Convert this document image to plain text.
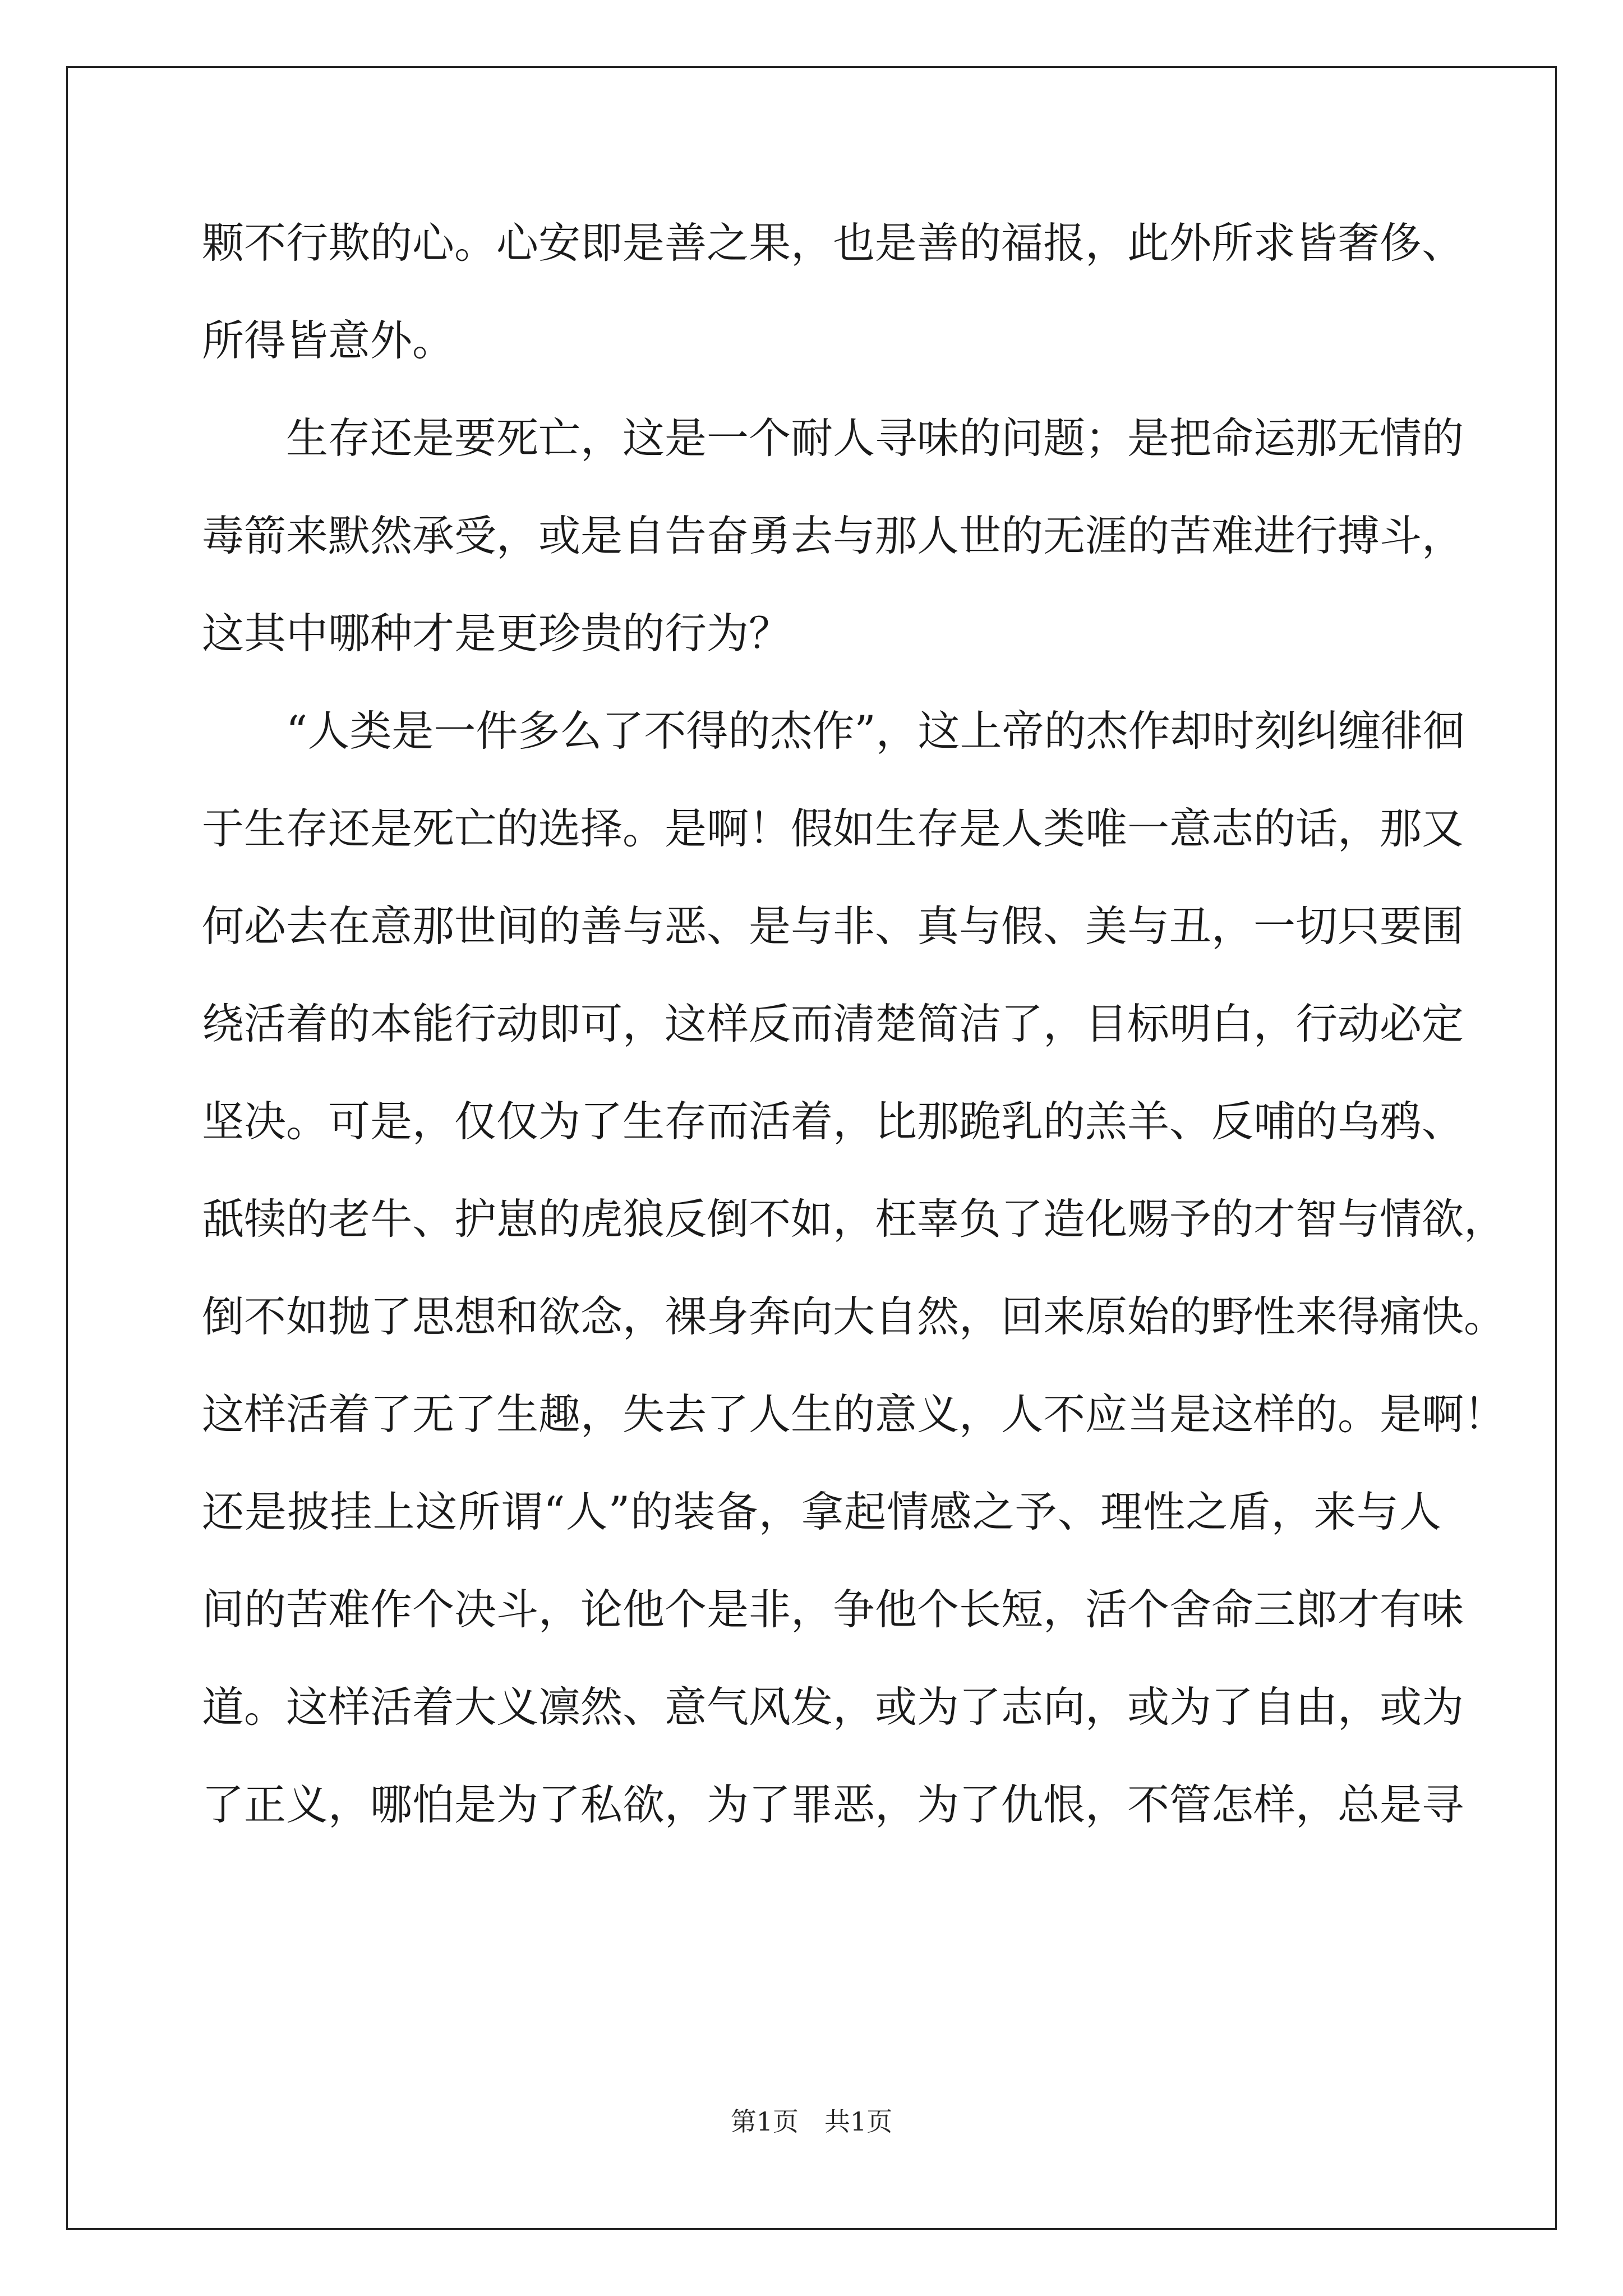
颗不行欺的心。心安即是善之果，也是善的福报，此外所求皆奢侈、
所得皆意外。
生存还是要死亡，这是一个耐人寻味的问题；是把命运那无情的
毒箭来默然承受，或是自告奋勇去与那人世的无涯的苦难进行搏斗，
这其中哪种才是更珍贵的行为？
“人类是一件多么了不得的杰作”，这上帝的杰作却时刻纠缠徘徊
于生存还是死亡的选择。是啊！假如生存是人类唯一意志的话，那又
何必去在意那世间的善与恶、是与非、真与假、美与丑，一切只要围
绕活着的本能行动即可，这样反而清楚简洁了，目标明白，行动必定
坚决。可是，仅仅为了生存而活着，比那跪乳的羔羊、反哺的乌鸦、
舐犊的老牛、护崽的虎狼反倒不如，枉辜负了造化赐予的才智与情欲，
倒不如抛了思想和欲念，裸身奔向大自然，回来原始的野性来得痛快。
这样活着了无了生趣，失去了人生的意义，人不应当是这样的。是啊！
还是披挂上这所谓“人”的装备，拿起情感之予、理性之盾，来与人
间的苦难作个决斗，论他个是非，争他个长短，活个舍命三郎才有味
道。这样活着大义凛然、意气风发，或为了志向，或为了自由，或为
了正义，哪怕是为了私欲，为了罪恶，为了仇恨，不管怎样，总是寻
第1页 共1页
